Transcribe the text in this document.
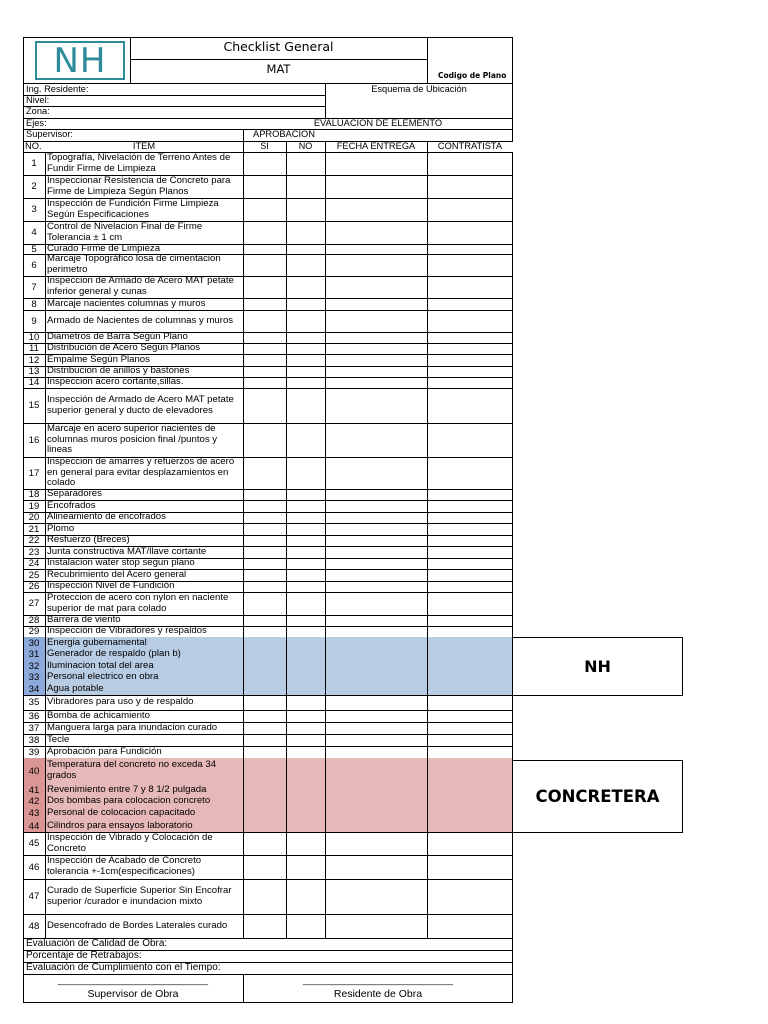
NH	Checklist General
MAT	Codigo de Plano
Ing. Residente:
Nivel:
Zona:
Ejes:
Supervisor:
Esquema de Ubicación
EVALUACION DE ELEMENTO
NO.	ITEM
APROBACION
SI	NO	FECHA ENTREGA	CONTRATISTA
1
Topografía, Nivelación de Terreno Antes de Fundir Firme de Limpieza
2
Inspeccionar Resistencia de Concreto para Firme de Limpieza Según Planos
3
Inspección de Fundición Firme Limpieza Según Especificaciones
4
Control de Nivelacion Final de Firme Tolerancia ± 1 cm
5	Curado Firme de Limpieza
6
Marcaje Topográfico losa de cimentacion perimetro
7
Inspeccion de Armado de Acero MAT petate inferior general y cunas
8	Marcaje nacientes columnas y muros
9	Armado de Nacientes de columnas y muros
10 Diametros de Barra Según Plano
11 Distribución de Acero Según Planos
12 Empalme Según Planos
13 Distribucion de anillos y bastones
14 Inspeccion acero cortante,sillas.
15
Inspección de Armado de Acero MAT petate superior general y ducto de elevadores
16
Marcaje en acero superior nacientes de columnas muros posicion final /puntos y lineas
17
Inspeccion de amarres y refuerzos de acero en general para evitar desplazamientos en colado
18 Separadores
19 Encofrados
20 Alineamiento de encofrados
21 Plomo
22 Resfuerzo (Breces)
23 Junta constructiva MAT/llave cortante
24 Instalacion water stop segun plano
25 Recubrimiento del Acero general
26 Inspección Nivel de Fundición
27
Proteccion de acero con nylon en naciente superior de mat para colado
28 Barrera de viento
29 Inspección de Vibradores y respaldos
30 Energia gubernamental
31 Generador de respaldo (plan b)
32 Iluminacion total del area
33 Personal electrico en obra
34 Agua potable
35 Vibradores para uso y de respaldo
36 Bomba de achicamiento
37 Manguera larga para inundacion curado
38 Tecle
39 Aprobación para Fundición
40
Temperatura del concreto no exceda 34 grados
41 Revenimiento entre 7 y 8 1/2 pulgada
42 Dos bombas para colocacion concreto
43 Personal de colocacion capacitado
44 Cilindros para ensayos laboratorio
45
Inspección de Vibrado y Colocación de Concreto
46
Inspección de Acabado de Concreto tolerancia +-1cm(especificaciones)
47
Curado de Superficie Superior Sin Encofrar superior /curador e inundacion mixto
48 Desencofrado de Bordes Laterales curado
Evaluación de Calidad de Obra:
Porcentaje de Retrabajos:
Evaluación de Cumplimiento con el Tiempo:
______________________________	______________________________
Supervisor de Obra	Residente de Obra
NH
CONCRETERA
